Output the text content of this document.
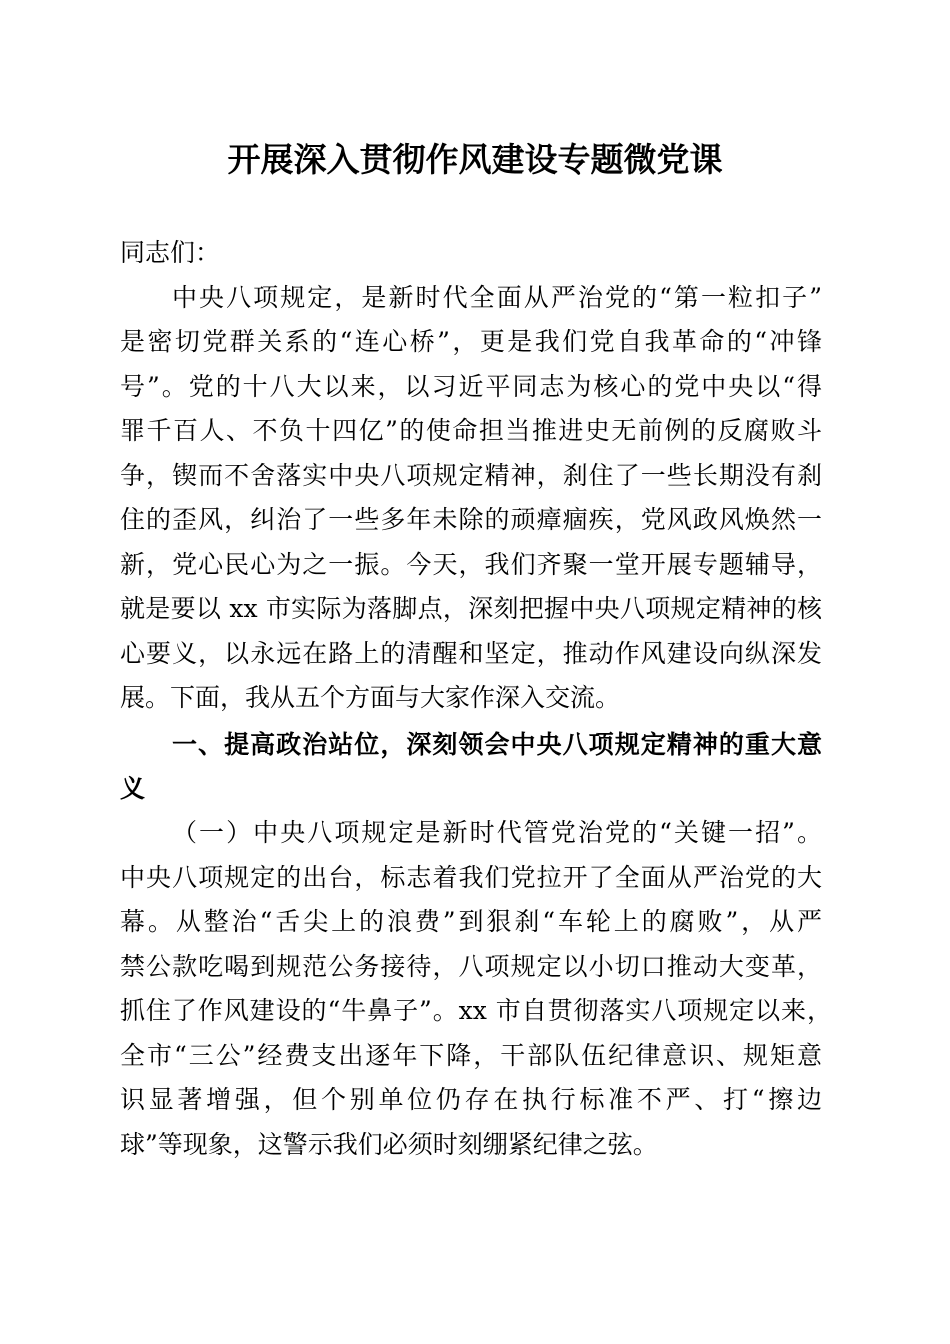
开展深入贯彻作风建设专题微党课
同志们：
中央八项规定，是新时代全面从严治党的“第一粒扣子”
是密切党群关系的“连心桥”，更是我们党自我革命的“冲锋
号”。党的十八大以来，以习近平同志为核心的党中央以“得
罪千百人、不负十四亿”的使命担当推进史无前例的反腐败斗
争，锲而不舍落实中央八项规定精神，刹住了一些长期没有刹
住的歪风，纠治了一些多年未除的顽瘴痼疾，党风政风焕然一
新，党心民心为之一振。今天，我们齐聚一堂开展专题辅导，
就是要以 xx 市实际为落脚点，深刻把握中央八项规定精神的核
心要义，以永远在路上的清醒和坚定，推动作风建设向纵深发
展。下面，我从五个方面与大家作深入交流。
一、提高政治站位，深刻领会中央八项规定精神的重大意
义
（一）中央八项规定是新时代管党治党的“关键一招”。
中央八项规定的出台，标志着我们党拉开了全面从严治党的大
幕。从整治“舌尖上的浪费”到狠刹“车轮上的腐败”，从严
禁公款吃喝到规范公务接待，八项规定以小切口推动大变革，
抓住了作风建设的“牛鼻子”。xx 市自贯彻落实八项规定以来，
全市“三公”经费支出逐年下降，干部队伍纪律意识、规矩意
识显著增强，但个别单位仍存在执行标准不严、打“擦边
球”等现象，这警示我们必须时刻绷紧纪律之弦。
